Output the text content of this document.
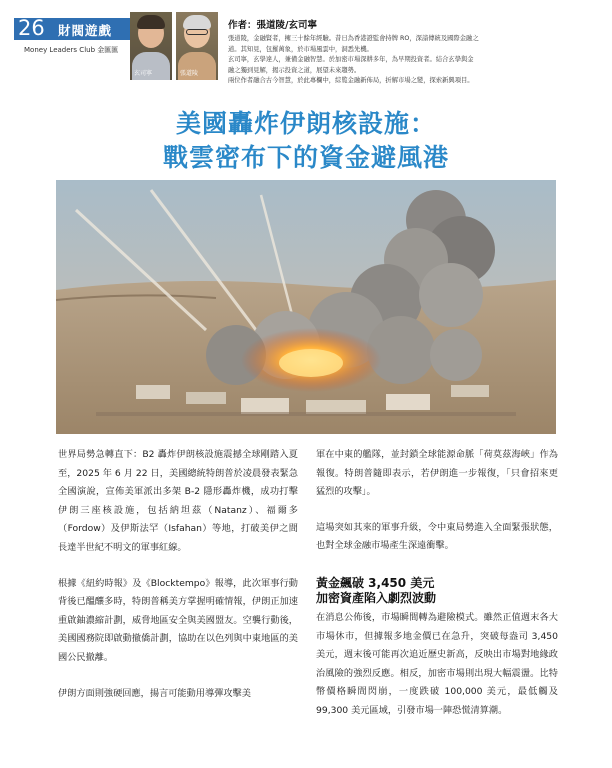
26 財閥遊戲
Money Leaders Club 金匯匯
玄司寧	張道陵
作者：張道陵/玄司寧
張道陵，金融賢者，擁三十餘年經驗。昔日為香港證監會持牌 RO，深諳傳統及國際金融之
道。其知見，包羅萬象，於市場風雲中，洞悉先機。
玄司寧，玄學達人，兼備金融智慧。於加密市場深耕多年，為早期投資者。結合玄學與金
融之獨到見解，揭示投資之道，展望未來趨勢。
兩位作者融合古今智慧，於此專欄中，綜覧金融新佈局，折解市場之變，探索新興項目。
美國轟炸伊朗核設施：
戰雲密布下的資金避風港

世界局勢急轉直下：B2 轟炸伊朗核設施震撼全球剛踏入夏至，2025 年 6 月 22 日，美國總統特朗普於凌晨發表緊急全國演說，宣佈美軍派出多架 B-2 隱形轟炸機，成功打擊伊朗三座核設施，包括納坦茲（Natanz）、福爾多（Fordow）及伊斯法罕（Isfahan）等地，打破美伊之間長達半世紀不明文的軍事紅線。

根據《紐約時報》及《Blocktempo》報導，此次軍事行動背後已醞釀多時，特朗普稱美方掌握明確情報，伊朗正加速重啟鈾濃縮計劃，威脅地區安全與美國盟友。空襲行動後，美國國務院即啟動撤僑計劃，協助在以色列與中東地區的美國公民撤離。

伊朗方面則強硬回應，揚言可能動用導彈攻擊美

軍在中東的艦隊，並封鎖全球能源命脈「荷莫茲海峽」作為報復。特朗普隨即表示，若伊朗進一步報復，「只會招來更猛烈的攻擊」。

這場突如其來的軍事升級，令中東局勢進入全面緊張狀態，也對全球金融市場產生深遠衝擊。

黃金飆破 3,450 美元
加密資產陷入劇烈波動

在消息公佈後，市場瞬間轉為避險模式。雖然正值週末各大市場休市，但據報多地金價已在急升，突破每盎司 3,450 美元，週末後可能再次追近歷史新高，反映出市場對地緣政治風險的強烈反應。相反，加密市場則出現大幅震盪。比特幣價格瞬間閃崩，一度跌破 100,000 美元，最低觸及 99,300 美元區域，引發市場一陣恐慌清算潮。
